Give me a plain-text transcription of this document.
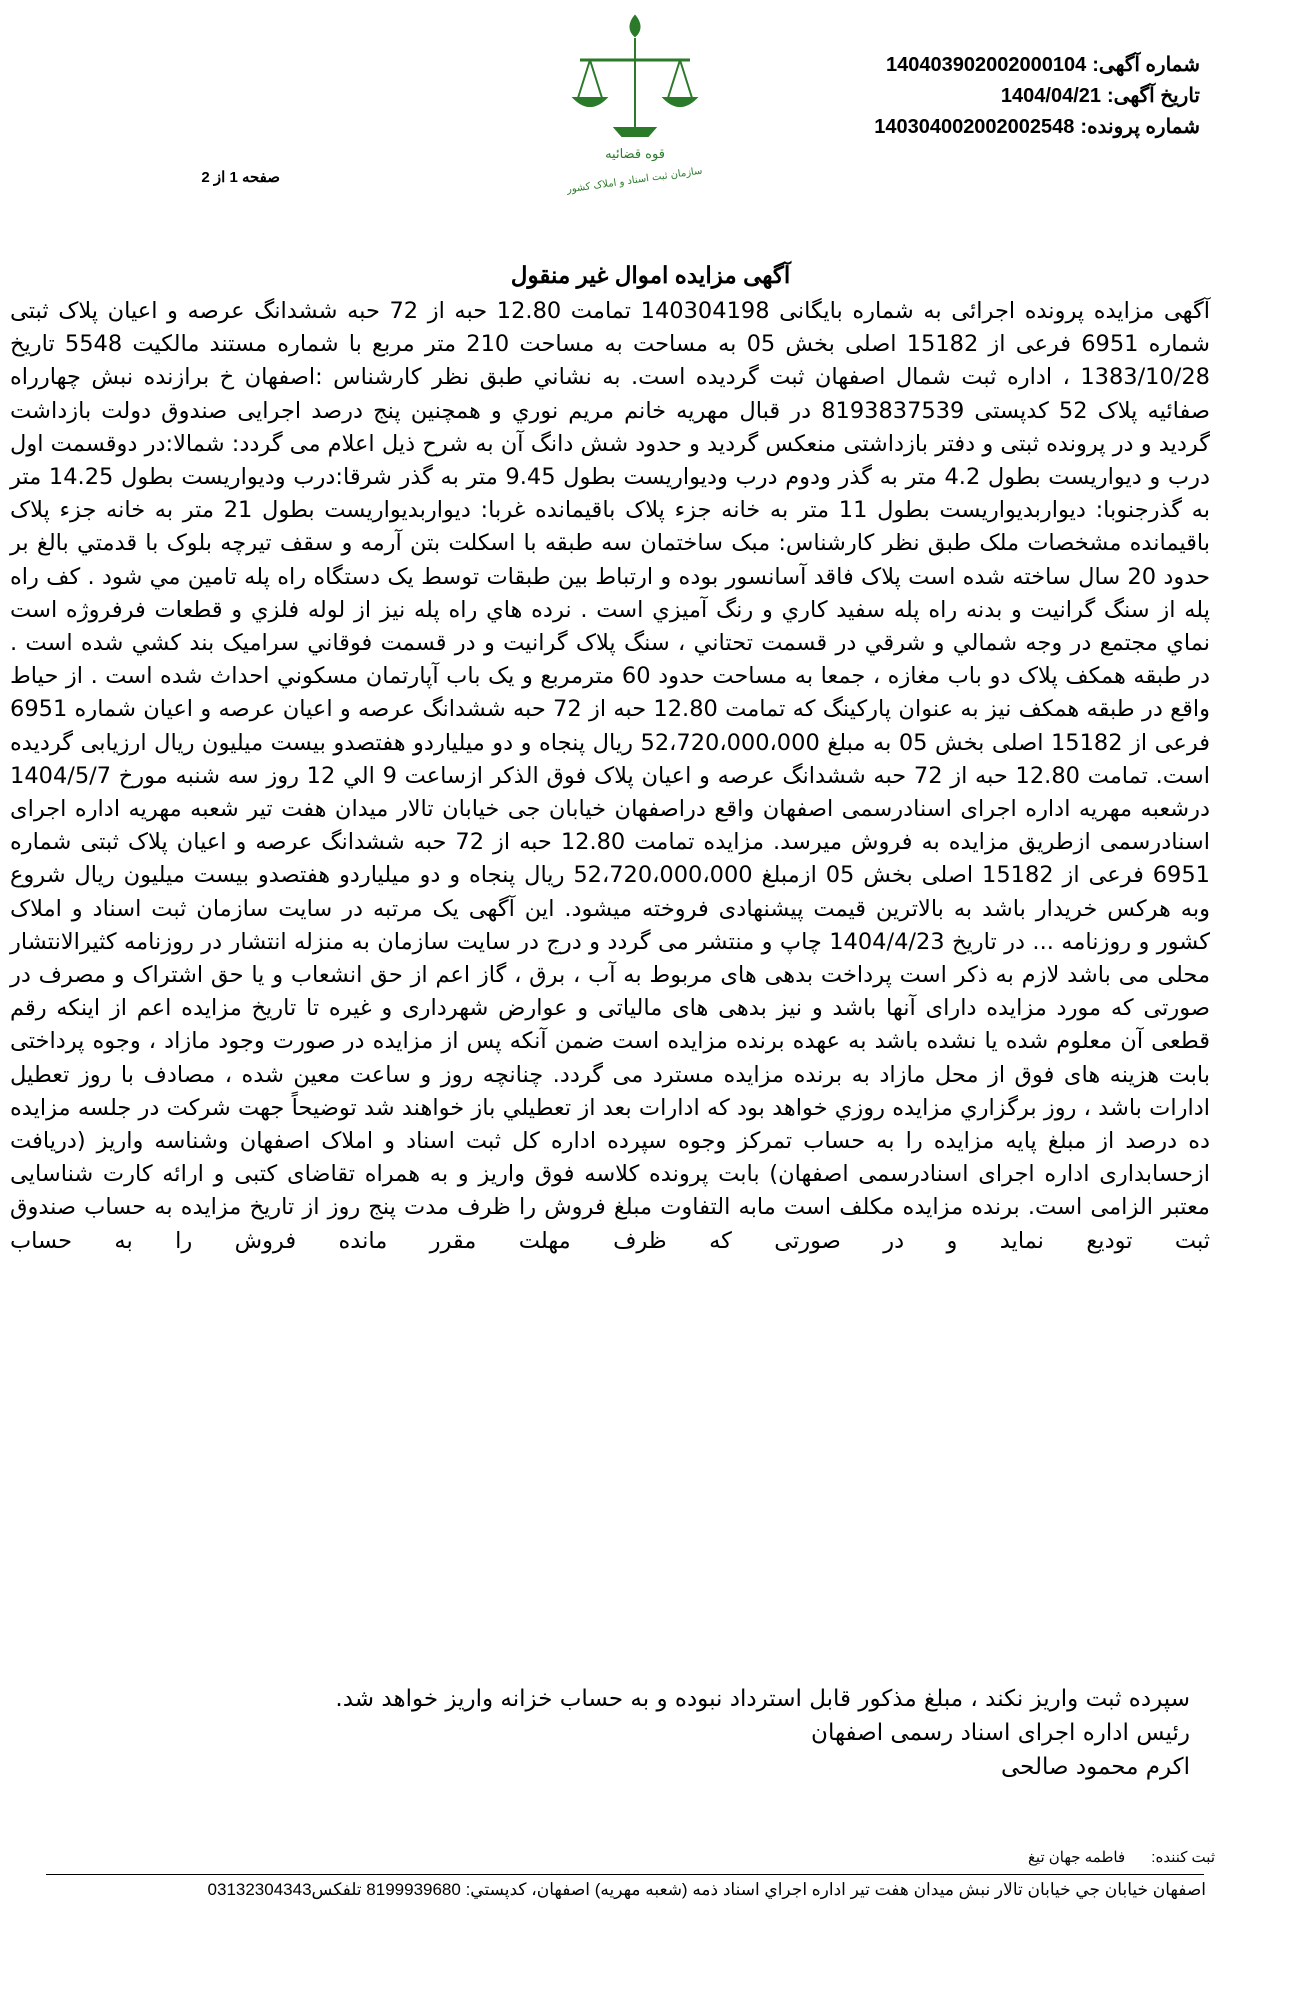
قوه قضائیه
سازمان ثبت اسناد و املاک کشور
شماره آگهی:
14040390200200010‌4
تاریخ آگهی:
1404/04/21
شماره پرونده:
14030400200200254‌8
صفحه 1 از 2
آگهی مزایده اموال غیر منقول
آگهی مزایده پرونده اجرائی به شماره بایگانی 140304198 تمامت 12.80 حبه از 72 حبه ششدانگ عرصه و اعیان پلاک ثبتی شماره 6951 فرعی از 15182 اصلی بخش 05 به مساحت به مساحت 210 متر مربع با شماره مستند مالکیت 5548 تاریخ 1383/10/28 ، اداره ثبت شمال اصفهان ثبت گردیده است. به نشاني طبق نظر کارشناس :اصفهان خ برازنده نبش چهارراه صفائیه پلاک 52 کدپستی 8193837539 در قبال مهریه خانم مریم نوري و همچنین پنج درصد اجرایی صندوق دولت بازداشت گردید و در پرونده ثبتی و دفتر بازداشتی منعکس گردید و حدود شش دانگ آن به شرح ذیل اعلام می گردد: شمالا:در دوقسمت اول درب و دیواریست بطول 4.2 متر به گذر ودوم درب ودیواریست بطول 9.45 متر به گذر شرقا:درب ودیواریست بطول 14.25 متر به گذرجنوبا: دیواربدیواریست بطول 11 متر به خانه جزء پلاک باقیمانده غربا: دیواربدیواریست بطول 21 متر به خانه جزء پلاک باقیمانده مشخصات ملک طبق نظر کارشناس: مبک ساختمان سه طبقه با اسکلت بتن آرمه و سقف تیرچه بلوک با قدمتي بالغ بر حدود 20 سال ساخته شده است پلاک فاقد آسانسور بوده و ارتباط بین طبقات توسط یک دستگاه راه پله تامین مي شود . کف راه پله از سنگ گرانیت و بدنه راه پله سفید کاري و رنگ آمیزي است . نرده هاي راه پله نیز از لوله فلزي و قطعات فرفروژه است نماي مجتمع در وجه شمالي و شرقي در قسمت تحتاني ، سنگ پلاک گرانیت و در قسمت فوقاني سرامیک بند کشي شده است . در طبقه همکف پلاک دو باب مغازه ، جمعا به مساحت حدود 60 مترمربع و یک باب آپارتمان مسکوني احداث شده است . از حیاط واقع در طبقه همکف نیز به عنوان پارکینگ که تمامت 12.80 حبه از 72 حبه ششدانگ عرصه و اعیان عرصه و اعیان شماره 6951 فرعی از 15182 اصلی بخش 05 به مبلغ 52،720،000،000 ریال پنجاه و دو میلیاردو هفتصدو بیست میلیون ریال ارزیابی گردیده است. تمامت 12.80 حبه از 72 حبه ششدانگ عرصه و اعیان پلاک فوق الذکر ازساعت 9 الي 12 روز سه شنبه مورخ 1404/5/7 درشعبه مهریه اداره اجرای اسنادرسمی اصفهان واقع دراصفهان خیابان جی خیابان تالار میدان هفت تیر شعبه مهریه اداره اجرای اسنادرسمی ازطریق مزایده به فروش میرسد. مزایده تمامت 12.80 حبه از 72 حبه ششدانگ عرصه و اعیان پلاک ثبتی شماره 6951 فرعی از 15182 اصلی بخش 05 ازمبلغ 52،720،000،000 ریال پنجاه و دو میلیاردو هفتصدو بیست میلیون ریال شروع وبه هرکس خریدار باشد به بالاترین قیمت پیشنهادی فروخته میشود. این آگهی یک مرتبه در سایت سازمان ثبت اسناد و املاک کشور و روزنامه ... در تاریخ 1404/4/23 چاپ و منتشر می گردد و درج در سایت سازمان به منزله انتشار در روزنامه کثیرالانتشار محلی می باشد لازم به ذکر است پرداخت بدهی های مربوط به آب ، برق ، گاز اعم از حق انشعاب و یا حق اشتراک و مصرف در صورتی که مورد مزایده دارای آنها باشد و نیز بدهی های مالیاتی و عوارض شهرداری و غیره تا تاریخ مزایده اعم از اینکه رقم قطعی آن معلوم شده یا نشده باشد به عهده برنده مزایده است ضمن آنکه پس از مزایده در صورت وجود مازاد ، وجوه پرداختی بابت هزینه های فوق از محل مازاد به برنده مزایده مسترد می گردد. چنانچه روز و ساعت معین شده ، مصادف با روز تعطیل ادارات باشد ، روز برگزاري مزایده روزي خواهد بود که ادارات بعد از تعطیلي باز خواهند شد توضیحاً جهت شرکت در جلسه مزایده ده درصد از مبلغ پایه مزایده را به حساب تمرکز وجوه سپرده اداره کل ثبت اسناد و املاک اصفهان وشناسه واریز (دریافت ازحسابداری اداره اجرای اسنادرسمی اصفهان) بابت پرونده کلاسه فوق واریز و به همراه تقاضای کتبی و ارائه کارت شناسایی معتبر الزامی است. برنده مزایده مکلف است مابه التفاوت مبلغ فروش را ظرف مدت پنج روز از تاریخ مزایده به حساب صندوق ثبت تودیع نماید و در صورتی که ظرف مهلت مقرر مانده فروش را به حساب
سپرده ثبت واریز نکند ، مبلغ مذکور قابل استرداد نبوده و به حساب خزانه واریز خواهد شد.
رئیس اداره اجرای اسناد رسمی اصفهان
اکرم محمود صالحی
ثبت کننده: فاطمه جهان تیغ
اصفهان خیابان جي خیابان تالار نبش میدان هفت تیر اداره اجراي اسناد ذمه (شعبه مهریه) اصفهان، کدپستي: 8199939680 تلفکس03132304343
